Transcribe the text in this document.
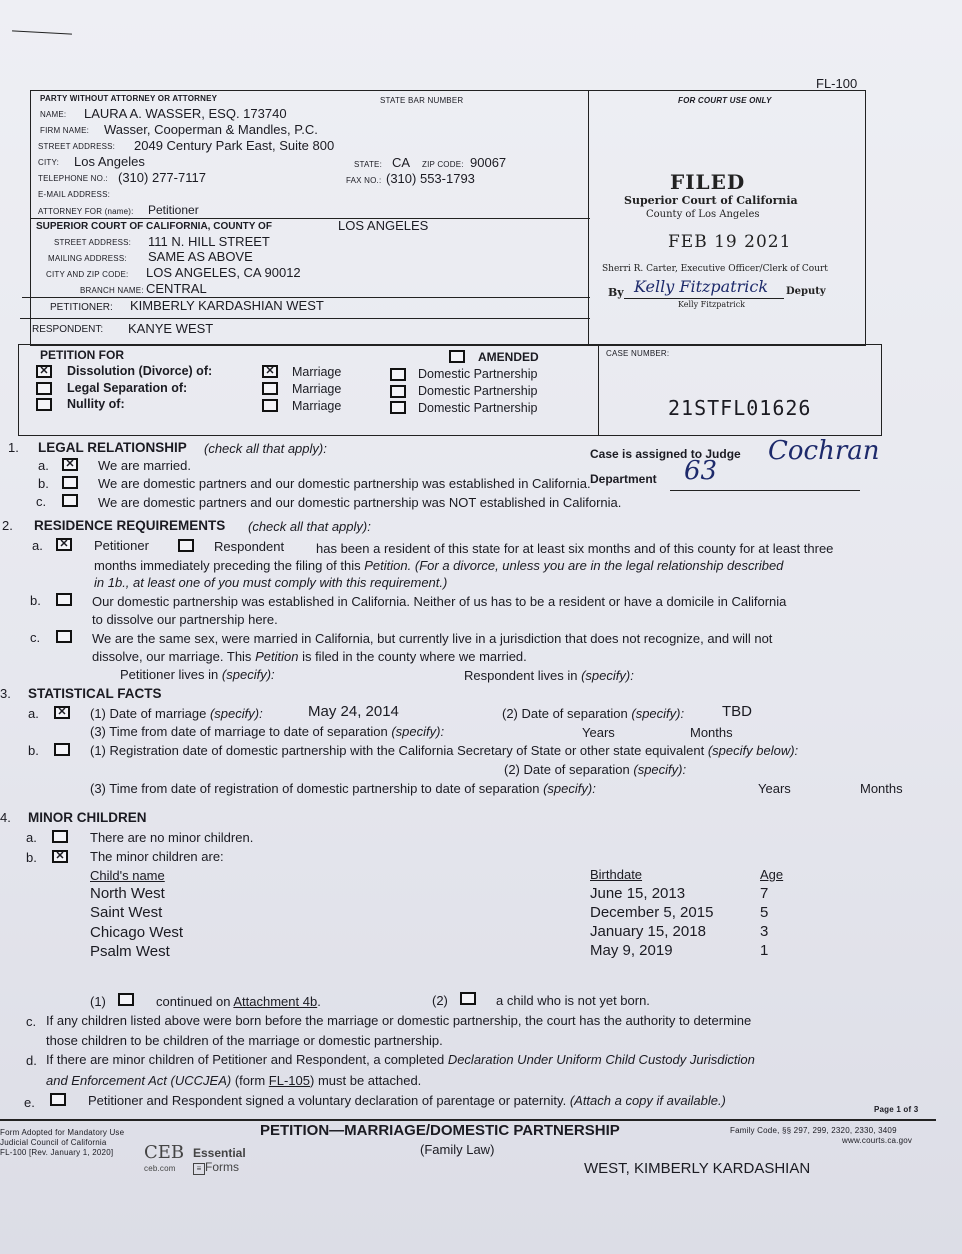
FL-100
PARTY WITHOUT ATTORNEY OR ATTORNEY	STATE BAR NUMBER
NAME: LAURA A. WASSER, ESQ. 173740
FIRM NAME: Wasser, Cooperman & Mandles, P.C.
STREET ADDRESS: 2049 Century Park East, Suite 800
CITY: Los Angeles	STATE: CA ZIP CODE: 90067
TELEPHONE NO.: (310) 277-7117	FAX NO.: (310) 553-1793
E-MAIL ADDRESS:
ATTORNEY FOR (name): Petitioner
SUPERIOR COURT OF CALIFORNIA, COUNTY OF	LOS ANGELES
STREET ADDRESS: 111 N. HILL STREET
MAILING ADDRESS: SAME AS ABOVE
CITY AND ZIP CODE: LOS ANGELES, CA 90012
BRANCH NAME: CENTRAL
PETITIONER: KIMBERLY KARDASHIAN WEST
RESPONDENT: KANYE WEST
FOR COURT USE ONLY
FILED
Superior Court of California
County of Los Angeles
FEB 19 2021
Sherri R. Carter, Executive Officer/Clerk of Court
By Kelly Fitzpatrick Deputy
Kelly Fitzpatrick
PETITION FOR	AMENDED
✕
Dissolution (Divorce) of: ✕	Marriage	Domestic Partnership
Legal Separation of:	Marriage	Domestic Partnership
Nullity of:	Marriage	Domestic Partnership
CASE NUMBER:
21STFL01626
Case is assigned to Judge Cochran
Department 63
1. LEGAL RELATIONSHIP (check all that apply):
a. ✕	We are married.
b.	We are domestic partners and our domestic partnership was established in California.
c.	We are domestic partners and our domestic partnership was NOT established in California.
2. RESIDENCE REQUIREMENTS (check all that apply):
a. ✕	Petitioner	Respondent has been a resident of this state for at least six months and of this county for at least three
months immediately preceding the filing of this Petition. (For a divorce, unless you are in the legal relationship described
in 1b., at least one of you must comply with this requirement.)
b.	Our domestic partnership was established in California. Neither of us has to be a resident or have a domicile in California
to dissolve our partnership here.
c.	We are the same sex, were married in California, but currently live in a jurisdiction that does not recognize, and will not
dissolve, our marriage. This Petition is filed in the county where we married.
Petitioner lives in (specify):	Respondent lives in (specify):
3. STATISTICAL FACTS
a. ✕	(1) Date of marriage (specify):	May 24, 2014	(2) Date of separation (specify):	TBD
(3) Time from date of marriage to date of separation (specify):	Years	Months
b.	(1) Registration date of domestic partnership with the California Secretary of State or other state equivalent (specify below):
(2) Date of separation (specify):
(3) Time from date of registration of domestic partnership to date of separation (specify):	Years	Months
4. MINOR CHILDREN
a.	There are no minor children.
b. ✕	The minor children are:
Child's name	Birthdate	Age
North West	June 15, 2013	7
Saint West	December 5, 2015	5
Chicago West	January 15, 2018	3
Psalm West	May 9, 2019	1
(1)	continued on Attachment 4b.	(2)	a child who is not yet born.
c. If any children listed above were born before the marriage or domestic partnership, the court has the authority to determine
those children to be children of the marriage or domestic partnership.
d. If there are minor children of Petitioner and Respondent, a completed Declaration Under Uniform Child Custody Jurisdiction
and Enforcement Act (UCCJEA) (form FL-105) must be attached.
e.	Petitioner and Respondent signed a voluntary declaration of parentage or paternity. (Attach a copy if available.)
Page 1 of 3
Form Adopted for Mandatory Use
Judicial Council of California
FL-100 [Rev. January 1, 2020] CEB
ceb.com
Essential
≡ Forms
PETITION—MARRIAGE/DOMESTIC PARTNERSHIP
(Family Law)
Family Code, §§ 297, 299, 2320, 2330, 3409
www.courts.ca.gov
WEST, KIMBERLY KARDASHIAN
